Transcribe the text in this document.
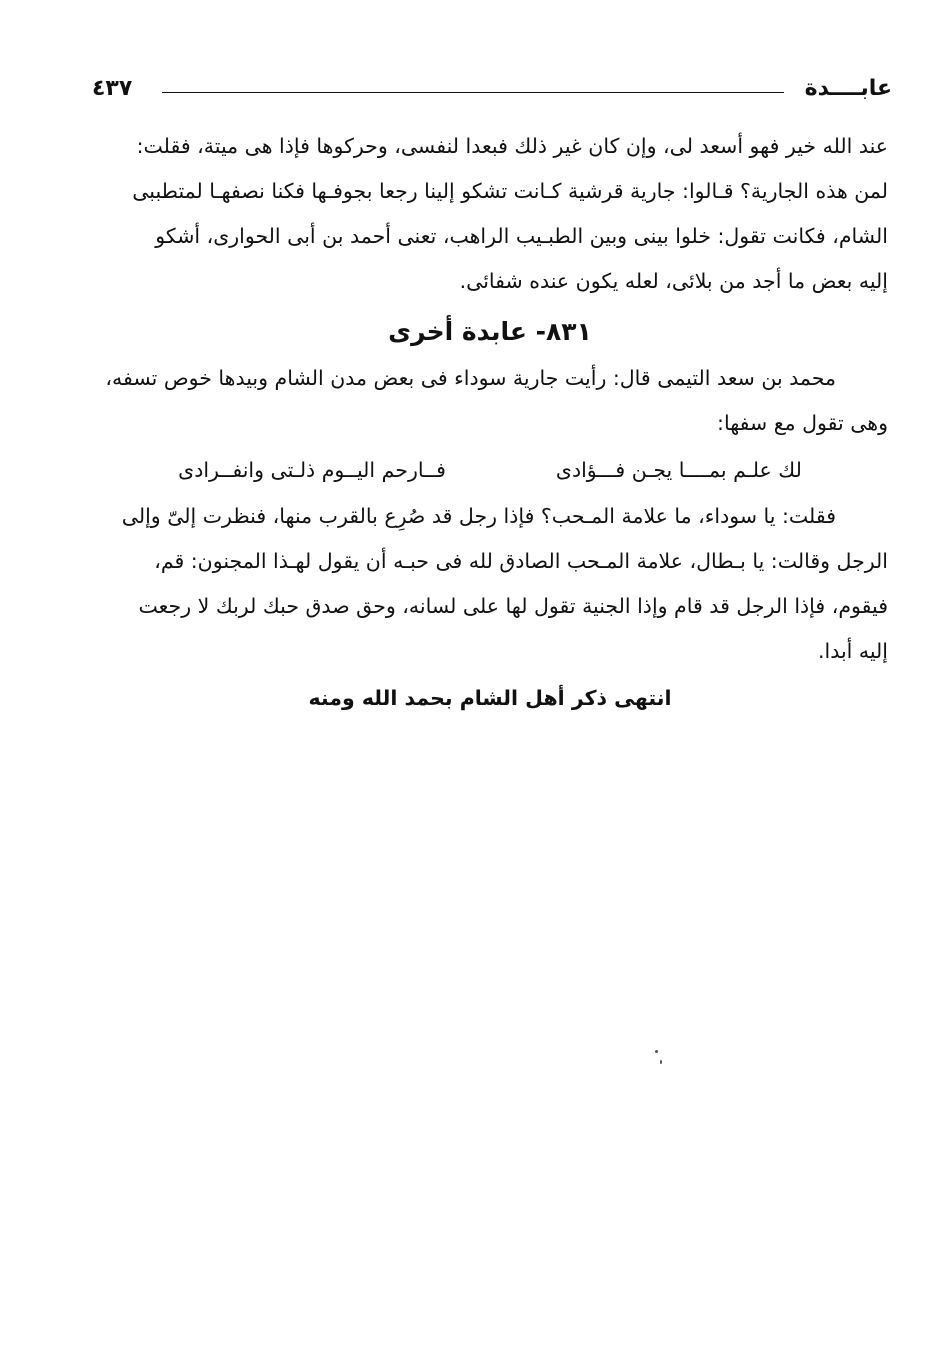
عابــــدة
٤٣٧

عند الله خير فهو أسعد لى، وإن كان غير ذلك فبعدا لنفسى، وحركوها فإذا هى ميتة، فقلت:

لمن هذه الجارية؟ قـالوا: جارية قرشية كـانت تشكو إلينا رجعا بجوفـها فكنا نصفهـا لمتطببى

الشام، فكانت تقول: خلوا بينى وبين الطبـيب الراهب، تعنى أحمد بن أبى الحوارى، أشكو

إليه بعض ما أجد من بلائى، لعله يكون عنده شفائى.

٨٣١- عابدة أخرى

محمد بن سعد التيمى قال: رأيت جارية سوداء فى بعض مدن الشام وبيدها خوص تسفه،

وهى تقول مع سفها:

لك علـم بمــــا يجـن فـــؤادى
فــارحم اليــوم ذلـتى وانفــرادى

فقلت: يا سوداء، ما علامة المـحب؟ فإذا رجل قد صُرِع بالقرب منها، فنظرت إلىّ وإلى

الرجل وقالت: يا بـطال، علامة المـحب الصادق لله فى حبـه أن يقول لهـذا المجنون: قم،

فيقوم، فإذا الرجل قد قام وإذا الجنية تقول لها على لسانه، وحق صدق حبك لربك لا رجعت

إليه أبدا.

انتهى ذكر أهل الشام بحمد الله ومنه
